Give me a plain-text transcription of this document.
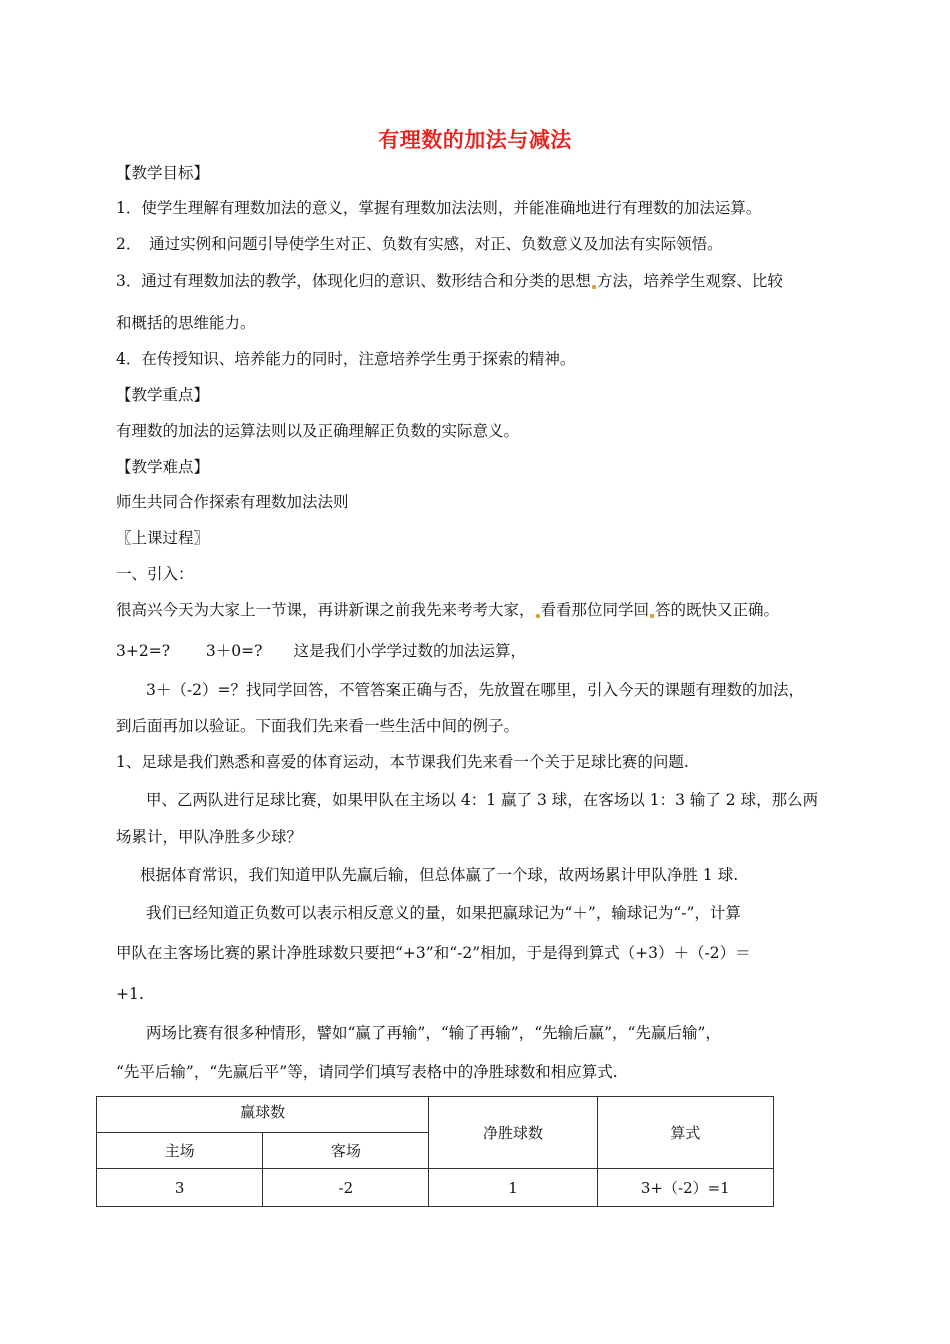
有理数的加法与减法
【教学目标】
1．使学生理解有理数加法的意义，掌握有理数加法法则，并能准确地进行有理数的加法运算。
2．　通过实例和问题引导使学生对正、负数有实感，对正、负数意义及加法有实际领悟。
3．通过有理数加法的教学，体现化归的意识、数形结合和分类的思想 方法，培养学生观察、比较
和概括的思维能力。
4．在传授知识、培养能力的同时，注意培养学生勇于探索的精神。
【教学重点】
有理数的加法的运算法则以及正确理解正负数的实际意义。
【教学难点】
师生共同合作探索有理数加法法则
〖上课过程〗
一、引入：
很高兴今天为大家上一节课，再讲新课之前我先来考考大家， 看看那位同学回 答的既快又正确。
3+2=?　　 3＋0=?　　这是我们小学学过数的加法运算，
3＋（-2）=？找同学回答，不管答案正确与否，先放置在哪里，引入今天的课题有理数的加法，
到后面再加以验证。下面我们先来看一些生活中间的例子。
1、足球是我们熟悉和喜爱的体育运动，本节课我们先来看一个关于足球比赛的问题.
甲、乙两队进行足球比赛，如果甲队在主场以 4：1 赢了 3 球，在客场以 1：3 输了 2 球，那么两
场累计，甲队净胜多少球？
根据体育常识，我们知道甲队先赢后输，但总体赢了一个球，故两场累计甲队净胜 1 球.
我们已经知道正负数可以表示相反意义的量，如果把赢球记为“＋”，输球记为“-”，计算
甲队在主客场比赛的累计净胜球数只要把“+3”和“-2”相加，于是得到算式（+3）＋（-2）＝
+1.
两场比赛有很多种情形，譬如“赢了再输”，“输了再输”，“先输后赢”，“先赢后输”，
“先平后输”，“先赢后平”等，请同学们填写表格中的净胜球数和相应算式.
赢球数		净胜球数	算式
主场	客场		
3	-2	1	3+（-2）=1
